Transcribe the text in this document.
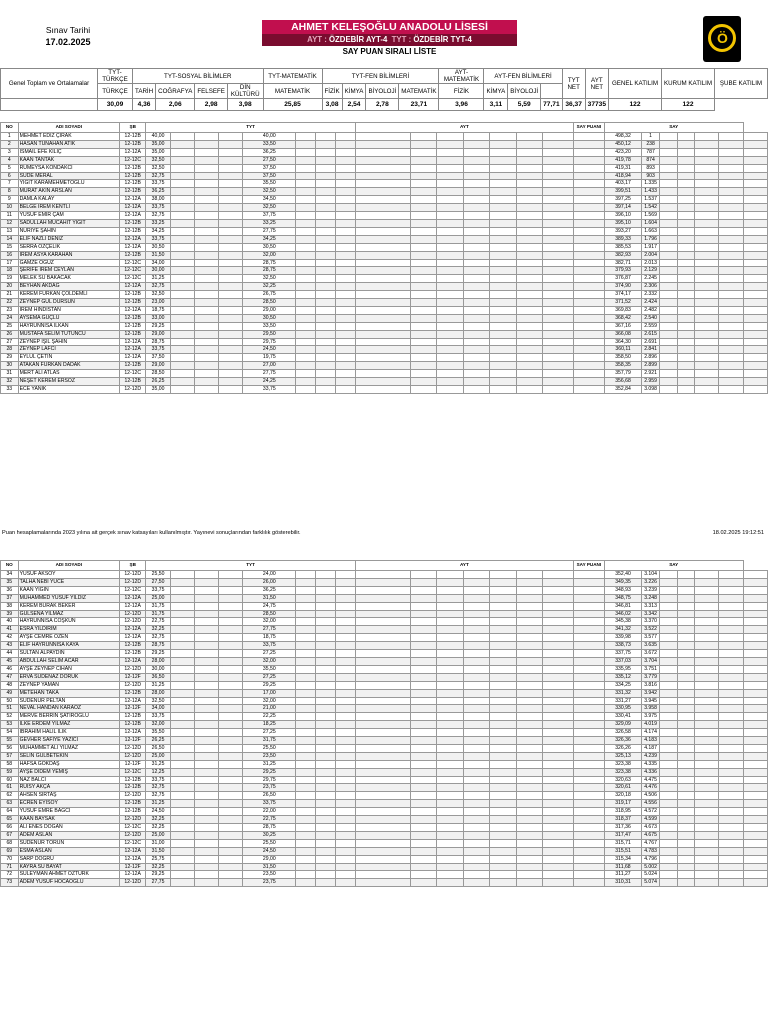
Sınav Tarihi
17.02.2025
AHMET KELEŞOĞLU ANADOLU LİSESİ
AYT : ÖZDEBİR AYT-4 TYT : ÖZDEBİR TYT-4
SAY PUAN SIRALI LİSTE
Ö
Genel Toplam ve Ortalamalar	TYT-TÜRKÇE	TYT-SOSYAL BİLİMLER				TYT-MATEMATİK	TYT-FEN BİLİMLERİ				AYT-MATEMATİK	AYT-FEN BİLİMLERİ			TYT NET	AYT NET	GENEL KATILIM	KURUM KATILIM	ŞUBE KATILIM
	TÜRKÇE	TARİH	COĞRAFYA	FELSEFE	DİN KÜLTÜRÜ	MATEMATİK	FİZİK	KİMYA	BİYOLOJİ	MATEMATİK	FİZİK	KİMYA	BİYOLOJİ						
	30,09	4,36	2,06	2,98	3,98	25,85	3,08	2,54	2,78	23,71	3,96	3,11	5,59	77,71	36,37	37735	122	122	
NO	ADI SOYADI	ŞB	TYT								AYT							SAY PUANI	SAY						
1	MEHMET EDİZ ÇIRAK	12-12B	40,00				40,00												498,32	1					
2	HASAN TUNAHAN ATİK	12-12B	35,00				33,50												450,12	238					
3	İSMAİL EFE KILIÇ	12-12A	35,00				36,25												423,20	787					
4	KAAN TANTAK	12-12C	32,50				27,50												419,78	874					
5	RUMEYSA KONDAKCI	12-12B	32,50				37,50												419,31	893					
6	SUDE MERAL	12-12B	32,75				37,50												418,94	903					
7	YİĞİT KARAMEHMETOĞLU	12-12B	33,75				35,50												403,17	1.335					
8	MURAT AKIN ARSLAN	12-12B	36,25				32,50												399,51	1.433					
9	DAMLA KALAY	12-12A	38,00				34,50												397,25	1.537					
10	BELGE İREM KENTLİ	12-12A	33,75				32,50												397,14	1.542					
11	YUSUF EMİR ÇAM	12-12A	32,75				37,75												396,10	1.569					
12	SADULLAH MÜCAHİT YİĞİT	12-12B	33,25				33,25												395,10	1.604					
13	NURİYE ŞAHİN	12-12B	34,25				27,75												393,27	1.663					
14	ELİF NAZLI DENİZ	12-12A	33,75				34,25												389,33	1.796					
15	SERRA ÖZÇELİK	12-12A	30,50				30,50												385,53	1.917					
16	İREM ASYA KARAHAN	12-12B	31,50				32,00												382,93	2.004					
17	GAMZE ÖĞÜZ	12-12C	34,00				28,75												382,71	2.013					
18	ŞERİFE İREM CEYLAN	12-12C	30,00				28,75												379,93	2.129					
19	MELEK SU BAKACAK	12-12C	31,25				32,50												376,87	2.245					
20	BEYHAN AKDAĞ	12-12A	32,75				32,25												374,90	2.306					
21	KEREM FURKAN ÇÖLDEMLİ	12-12B	32,50				26,75												374,17	2.332					
22	ZEYNEP GÜL DURSUN	12-12B	23,00				28,50												371,52	2.424					
23	İREM HİNDİSTAN	12-12A	18,75				29,00												369,83	2.482					
24	AYSEMA GÜÇLÜ	12-12B	33,00				30,50												368,42	2.540					
25	HAYRUNNİSA İLKAN	12-12B	29,25				33,50												367,16	2.559					
26	MUSTAFA SELİM TÜTÜNCÜ	12-12B	29,00				29,50												366,08	2.615					
27	ZEYNEP İŞIL ŞAHİN	12-12A	28,75				29,75												364,30	2.691					
28	ZEYNEP LAFCI	12-12A	33,75				24,50												360,11	2.841					
29	EYLÜL ÇETİN	12-12A	37,50				19,75												358,50	2.896					
30	ATAKAN FURKAN DADAK	12-12B	29,00				27,00												358,35	2.899					
31	MERT ALİ ATLAS	12-12C	28,50				27,75												357,79	2.921					
32	NEŞET KEREM ERSÖZ	12-12B	26,25				24,25												356,68	2.959					
33	ECE YANIK	12-12D	35,00				33,75												352,84	3.098					
Puan hesaplamalarında 2023 yılına ait gerçek sınav katsayıları kullanılmıştır. Yayınevi sonuçlarından farklılık gösterebilir.	18.02.2025 19:12:51
NO	ADI SOYADI	ŞB	TYT								AYT							SAY PUANI	SAY						
34	YUSUF AKSOY	12-12D	25,50				24,00												352,40	3.104					
35	TALHA NEBİ YÜCE	12-12D	27,50				26,00												349,35	3.226					
36	KAAN YİĞİN	12-12C	33,75				36,25												348,93	3.239					
37	MUHAMMED YUSUF YILDIZ	12-12A	25,00				31,50												348,75	3.248					
38	KEREM BURAK BEKER	12-12A	31,75				24,75												346,81	3.313					
39	GÜLSENA YILMAZ	12-12D	31,75				28,50												346,02	3.342					
40	HAYRUNNİSA COŞKUN	12-12D	22,75				32,00												345,38	3.370					
41	ESRA YILDIRIM	12-12A	32,25				27,75												341,32	3.522					
42	AYŞE CEMRE ÖZEN	12-12A	32,75				18,75												339,98	3.577					
43	ELİF HAYRUNNİSA KAYA	12-12B	28,75				33,75												338,73	3.635					
44	SULTAN ALPAYDIN	12-12B	29,25				27,25												337,75	3.672					
45	ABDULLAH SELİM ACAR	12-12A	28,00				32,00												337,03	3.704					
46	AYŞE ZEYNEP CİHAN	12-12D	30,00				35,50												335,95	3.751					
47	ERVA SUDENAZ DORUK	12-12F	36,50				27,25												335,12	3.779					
48	ZEYNEP YAMAN	12-12D	31,25				29,25												334,25	3.816					
49	METEHAN TAKA	12-12B	28,00				17,00												331,32	3.942					
50	SUDENUR PELTAN	12-12A	32,50				32,00												331,27	3.945					
51	NEVAL HANDAN KARAÖZ	12-12F	34,00				21,00												330,95	3.958					
52	MERVE BERRİN ŞATIROĞLU	12-12B	33,75				22,25												330,41	3.975					
53	İLKE ERDEM YILMAZ	12-12B	32,00				18,25												329,09	4.019					
54	İBRAHİM HALİL İLİK	12-12A	35,50				27,25												326,58	4.174					
55	GEVHER SAFİYE YAZICI	12-12F	26,25				31,75												326,36	4.183					
56	MUHAMMET ALİ YILMAZ	12-12D	26,50				25,50												326,26	4.187					
57	SELİN GÜLBETEKİN	12-12D	25,00				23,50												325,13	4.239					
58	HAFSA GÖKDAŞ	12-12F	31,25				31,25												323,38	4.335					
59	AYŞE DİDEM YEMİŞ	12-12C	12,25				29,25												323,38	4.336					
60	NAZ BALCI	12-12B	33,75				29,75												320,63	4.475					
61	RUİSY AKÇA	12-12B	32,75				23,75												320,61	4.476					
62	AHSEN SIRTAŞ	12-12D	32,75				26,50												320,18	4.506					
63	ECREN EYİSOY	12-12B	31,25				33,75												319,17	4.556					
64	YUSUF EMRE BAĞCI	12-12B	24,50				22,00												318,95	4.572					
65	KAAN BAYSAK	12-12D	32,25				22,75												318,37	4.599					
66	ALİ ENES DOĞAN	12-12C	32,25				28,75												317,36	4.673					
67	ADEM ASLAN	12-12D	25,00				30,25												317,47	4.675					
68	SUDENUR TORUN	12-12C	31,00				25,50												315,71	4.767					
69	ESMA ASLAN	12-12A	31,50				24,50												315,51	4.783					
70	SARP DOĞRU	12-12A	25,75				29,00												315,34	4.796					
71	KAYRA SU BAYAT	12-12F	32,25				31,50												311,68	5.002					
72	SÜLEYMAN AHMET ÖZTÜRK	12-12A	29,25				23,50												311,27	5.024					
73	ADEM YUSUF HOCAOĞLU	12-12D	27,75				23,75												310,31	5.074					
